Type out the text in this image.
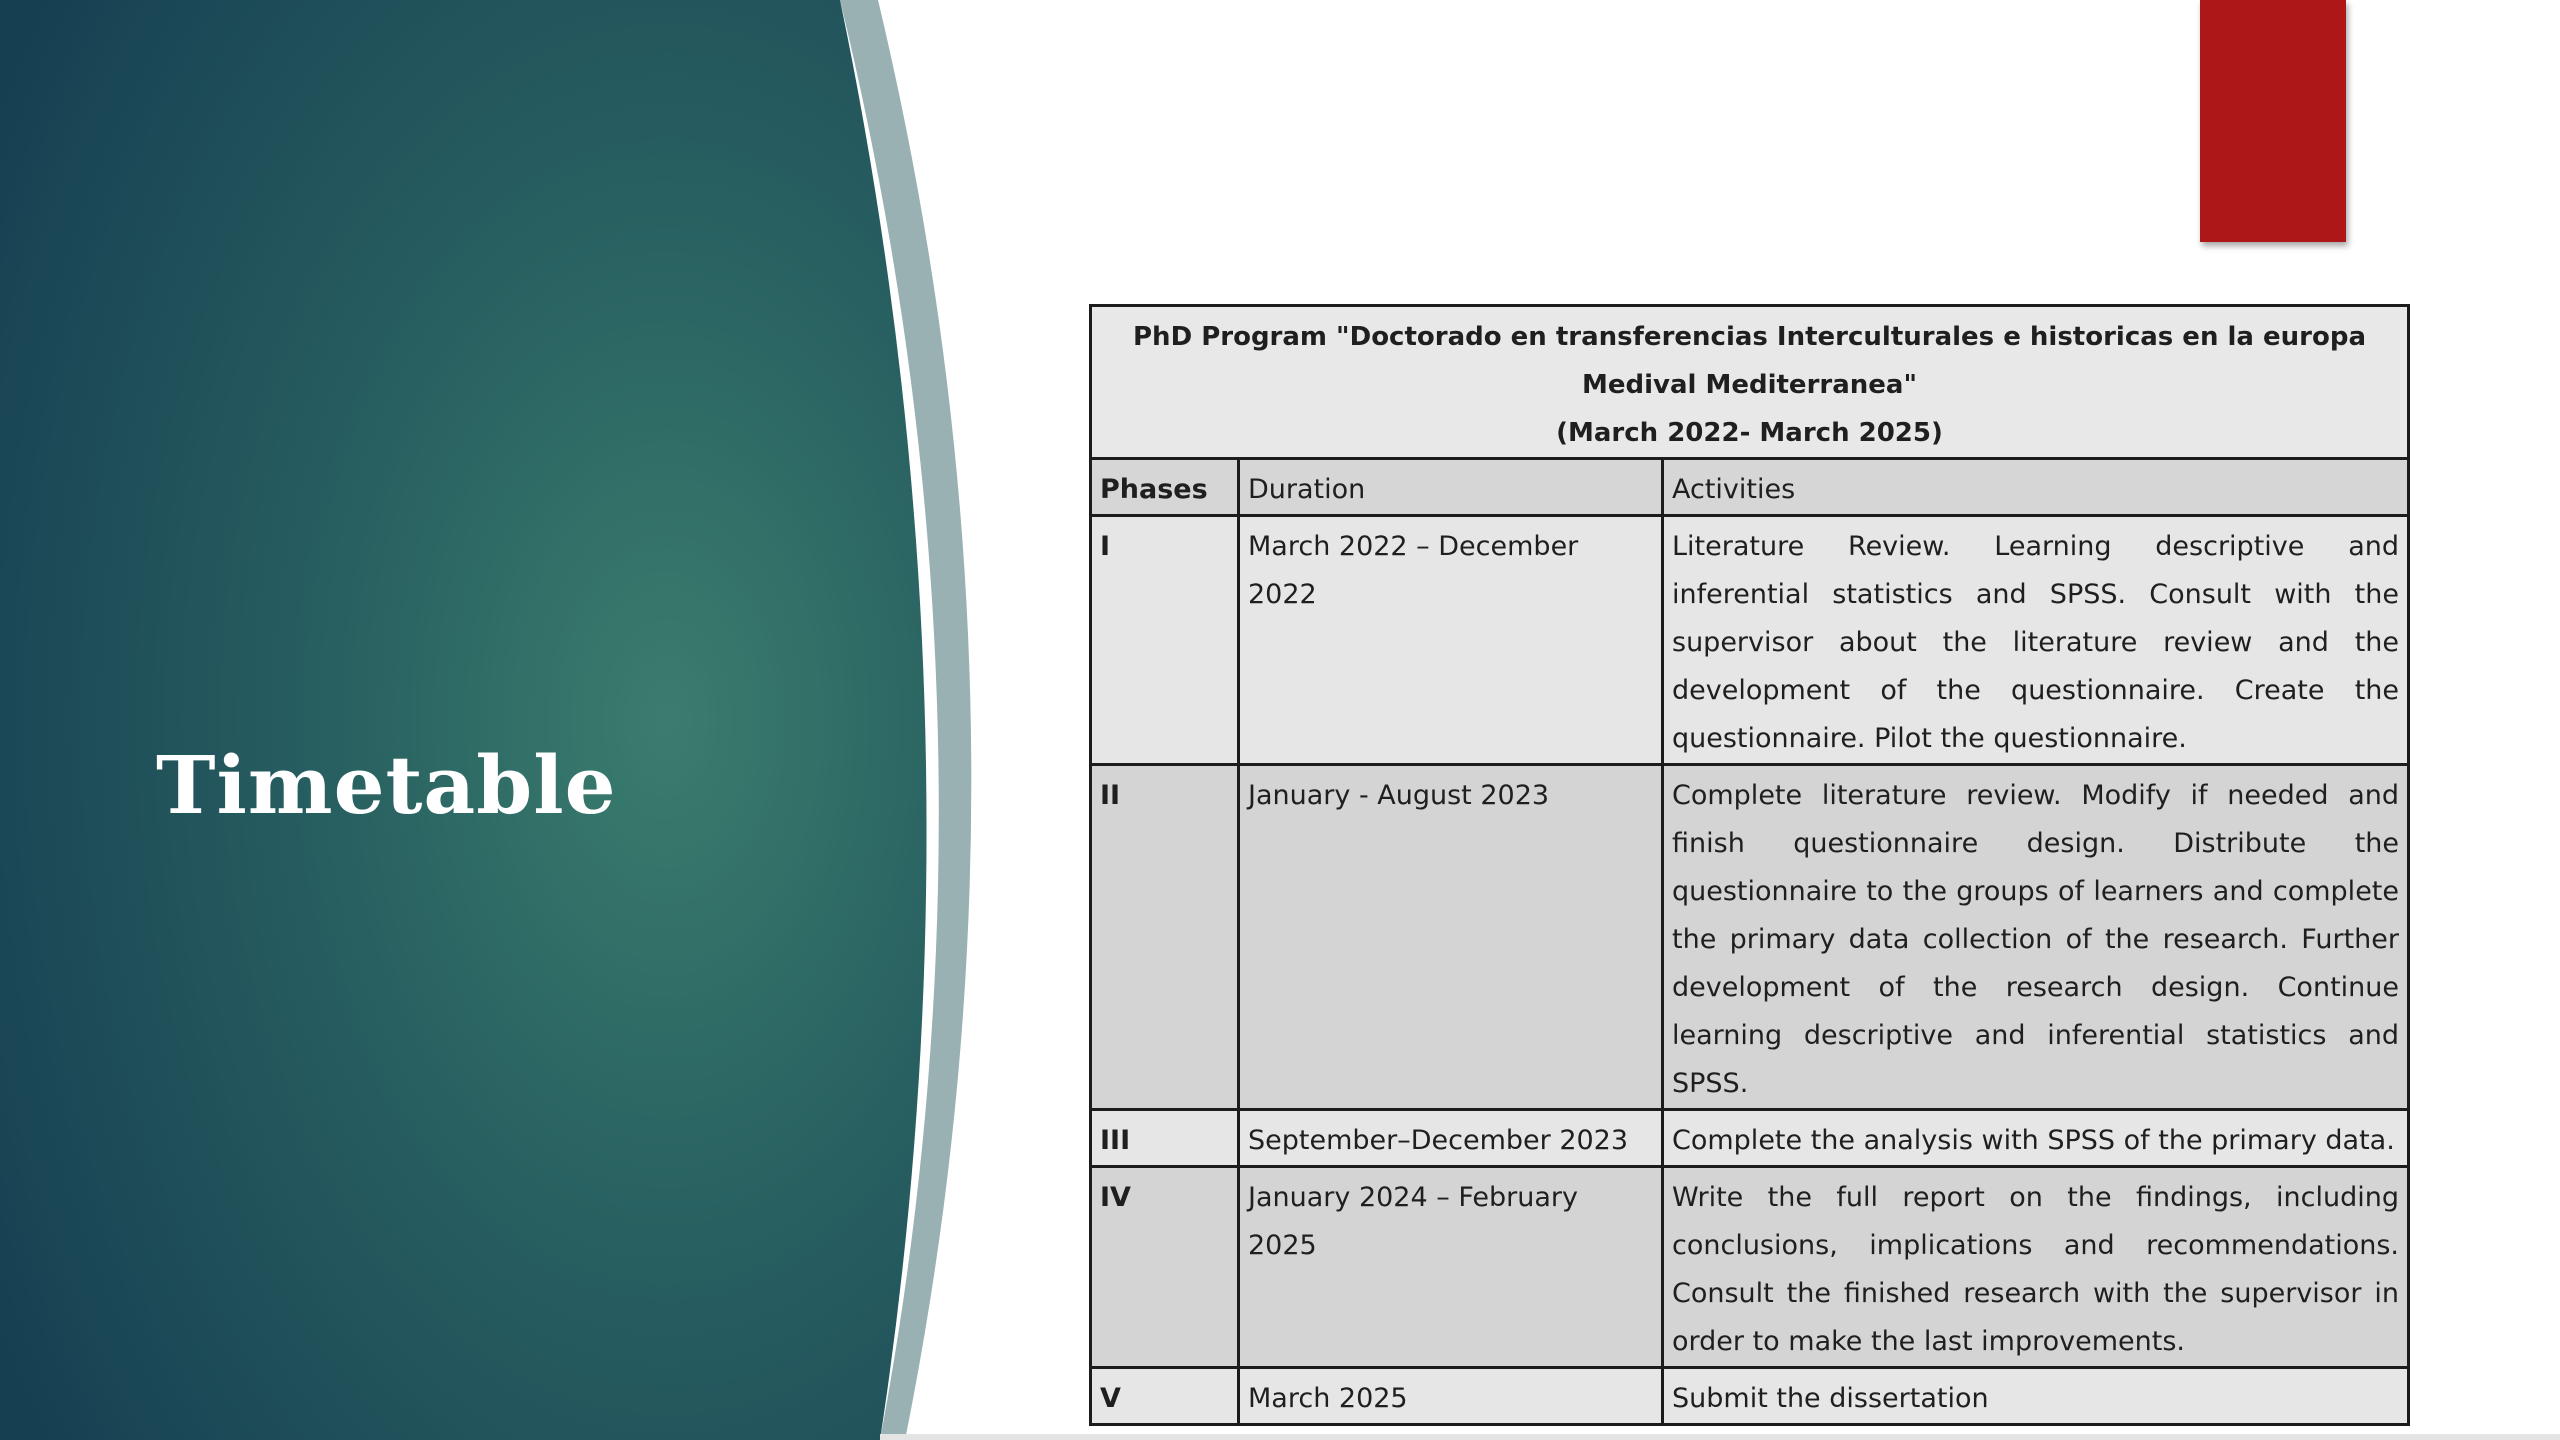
Timetable
PhD Program "Doctorado en transferencias Interculturales e historicas en la europa Medival Mediterranea"
(March 2022- March 2025)		

Phases	Duration	Activities
I	March 2022 – December 2022	Literature Review. Learning descriptive and inferential statistics and SPSS. Consult with the supervisor about the literature review and the development of the questionnaire. Create the questionnaire. Pilot the questionnaire.
II	January - August 2023	Complete literature review. Modify if needed and finish questionnaire design. Distribute the questionnaire to the groups of learners and complete the primary data collection of the research. Further development of the research design. Continue learning descriptive and inferential statistics and SPSS.
III	September–December 2023	Complete the analysis with SPSS of the primary data.
IV	January 2024 – February 2025	Write the full report on the findings, including conclusions, implications and recommendations. Consult the finished research with the supervisor in order to make the last improvements.
V	March 2025	Submit the dissertation
